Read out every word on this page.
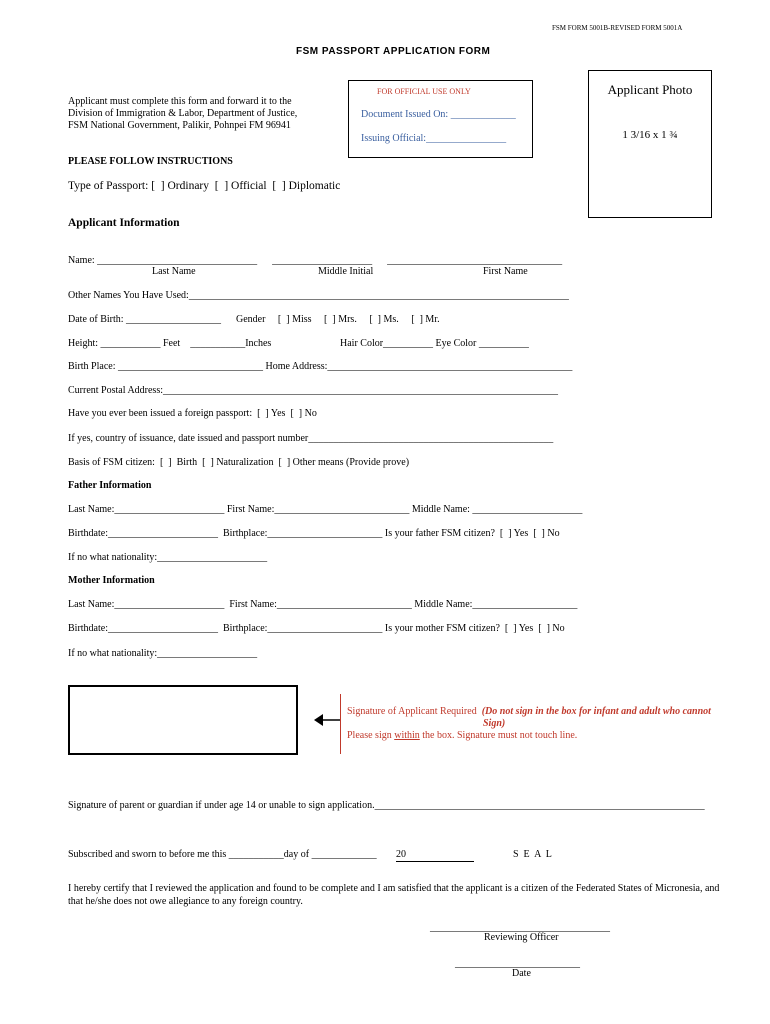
FSM FORM 5001B-REVISED FORM 5001A
FSM PASSPORT APPLICATION FORM
Applicant must complete this form and forward it to the
Division of Immigration & Labor, Department of Justice,
FSM National Government, Palikir, Pohnpei FM 96941
FOR OFFICIAL USE ONLY
Document Issued On: _____________
Issuing Official:________________
Applicant Photo
1 3/16 x 1 ¾
PLEASE FOLLOW INSTRUCTIONS
Type of Passport: [  ] Ordinary  [  ] Official  [  ] Diplomatic
Applicant Information
Name: ________________________________      ____________________      ___________________________________
Last Name	Middle Initial	First Name
Other Names You Have Used:____________________________________________________________________________
Date of Birth: ___________________ Gender     [  ] Miss     [  ] Mrs.     [  ] Ms.     [  ] Mr.
Height: ____________ Feet    ___________Inches	Hair Color__________ Eye Color __________
Birth Place: _____________________________ Home Address:_________________________________________________
Current Postal Address:_______________________________________________________________________________
Have you ever been issued a foreign passport:  [  ] Yes  [  ] No
If yes, country of issuance, date issued and passport number_________________________________________________
Basis of FSM citizen:  [  ]  Birth  [  ] Naturalization  [  ] Other means (Provide prove)
Father Information
Last Name:______________________ First Name:___________________________ Middle Name: ______________________
Birthdate:______________________  Birthplace:_______________________ Is your father FSM citizen?  [  ] Yes  [  ] No
If no what nationality:______________________
Mother Information
Last Name:______________________  First Name:___________________________ Middle Name:_____________________
Birthdate:______________________  Birthplace:_______________________ Is your mother FSM citizen?  [  ] Yes  [  ] No
If no what nationality:____________________
Signature of Applicant Required (Do not sign in the box for infant and adult who cannot
Sign)
Please sign within the box. Signature must not touch line.
Signature of parent or guardian if under age 14 or unable to sign application.__________________________________________________________________
Subscribed and sworn to before me this ___________day of _____________ 20	S  E  A  L
I hereby certify that I reviewed the application and found to be complete and I am satisfied that the applicant is a citizen of the Federated States of Micronesia, and
that he/she does not owe allegiance to any foreign country.
____________________________________
Reviewing Officer
_________________________
Date
